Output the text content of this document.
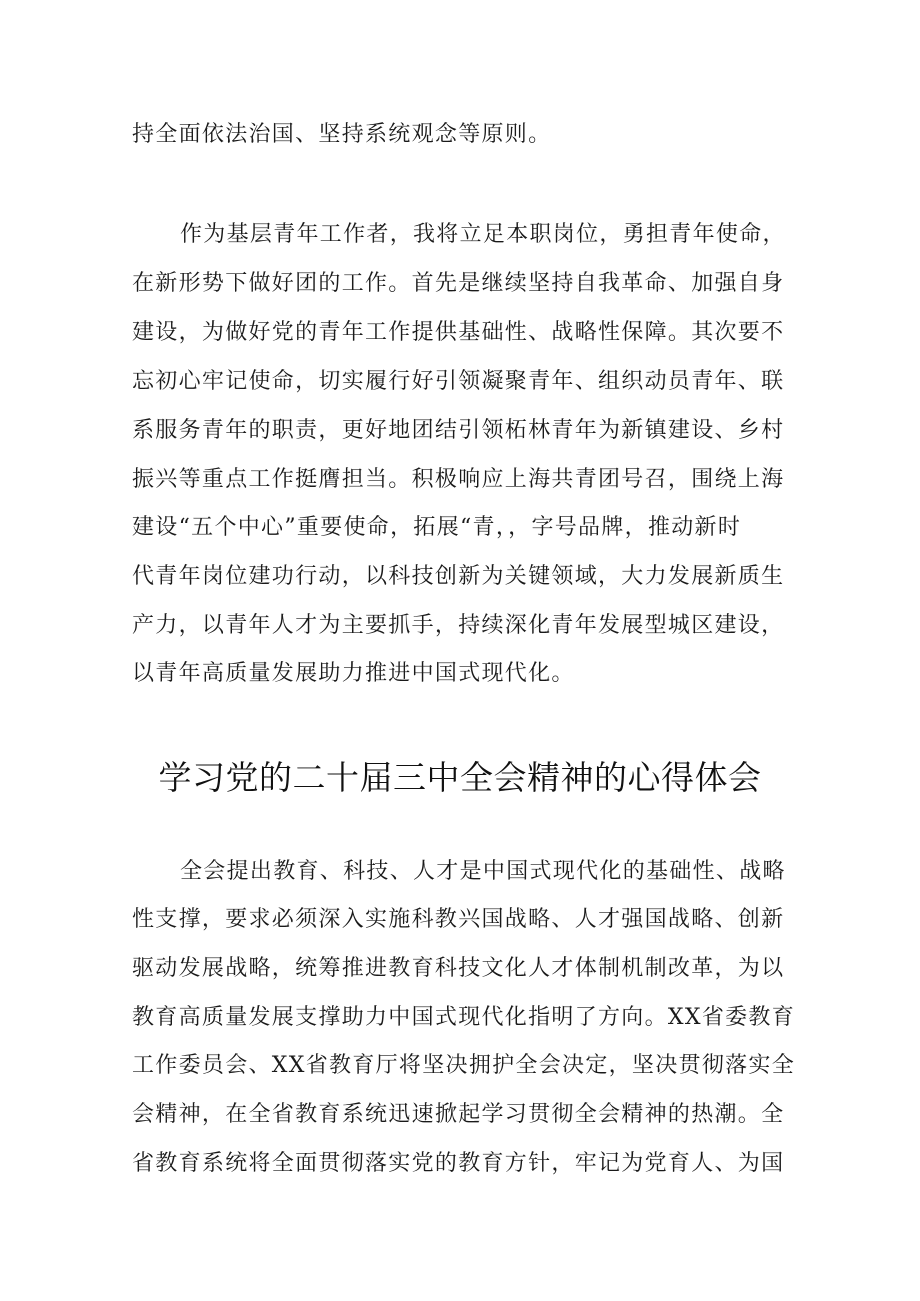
持全面依法治国、坚持系统观念等原则。
作为基层青年工作者，我将立足本职岗位，勇担青年使命，
在新形势下做好团的工作。首先是继续坚持自我革命、加强自身
建设，为做好党的青年工作提供基础性、战略性保障。其次要不
忘初心牢记使命，切实履行好引领凝聚青年、组织动员青年、联
系服务青年的职责，更好地团结引领柘林青年为新镇建设、乡村
振兴等重点工作挺膺担当。积极响应上海共青团号召，围绕上海
建设“五个中心”重要使命，拓展“青，，字号品牌，推动新时
代青年岗位建功行动，以科技创新为关键领域，大力发展新质生
产力，以青年人才为主要抓手，持续深化青年发展型城区建设，
以青年高质量发展助力推进中国式现代化。
学习党的二十届三中全会精神的心得体会
全会提出教育、科技、人才是中国式现代化的基础性、战略
性支撑，要求必须深入实施科教兴国战略、人才强国战略、创新
驱动发展战略，统筹推进教育科技文化人才体制机制改革，为以
教育高质量发展支撑助力中国式现代化指明了方向。XX省委教育
工作委员会、XX省教育厅将坚决拥护全会决定，坚决贯彻落实全
会精神，在全省教育系统迅速掀起学习贯彻全会精神的热潮。全
省教育系统将全面贯彻落实党的教育方针，牢记为党育人、为国
